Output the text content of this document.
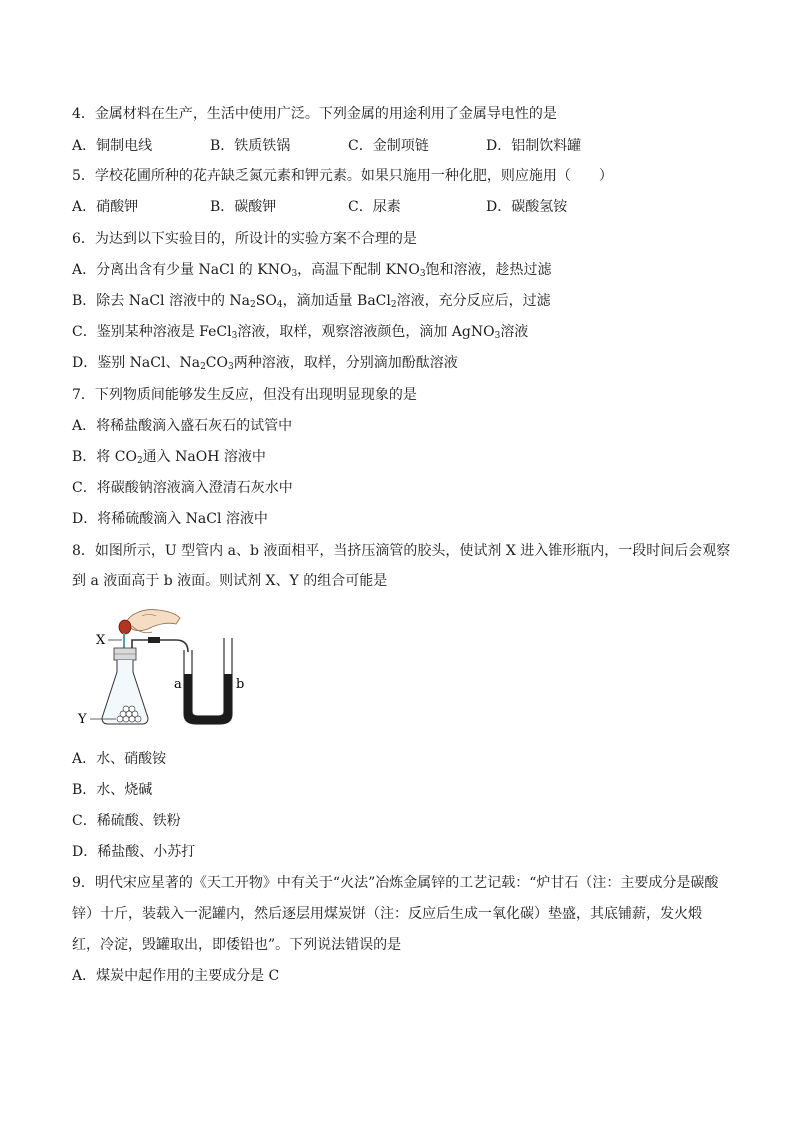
4．金属材料在生产，生活中使用广泛。下列金属的用途利用了金属导电性的是
A．铜制电线	B．铁质铁锅	C．金制项链	D．铝制饮料罐
5．学校花圃所种的花卉缺乏氮元素和钾元素。如果只施用一种化肥，则应施用（　　）
A．硝酸钾	B．碳酸钾	C．尿素	D．碳酸氢铵
6．为达到以下实验目的，所设计的实验方案不合理的是
A．分离出含有少量 NaCl 的 $KNO_3$，高温下配制 $KNO_3$饱和溶液，趁热过滤
B．除去 NaCl 溶液中的 $Na_2SO_4$，滴加适量 BaCl$_2$溶液，充分反应后，过滤
C．鉴别某种溶液是 FeCl$_3$溶液，取样，观察溶液颜色，滴加 AgNO$_3$溶液
D．鉴别 NaCl、$Na_2CO_3$两种溶液，取样，分别滴加酚酞溶液
7．下列物质间能够发生反应，但没有出现明显现象的是
A．将稀盐酸滴入盛石灰石的试管中
B．将 $CO_2$通入 NaOH 溶液中
C．将碳酸钠溶液滴入澄清石灰水中
D．将稀硫酸滴入 NaCl 溶液中
8．如图所示，U 型管内 a、b 液面相平，当挤压滴管的胶头，使试剂 X 进入锥形瓶内，一段时间后会观察
到 a 液面高于 b 液面。则试剂 X、Y 的组合可能是
X
Y
a	b
A．水、硝酸铵
B．水、烧碱
C．稀硫酸、铁粉
D．稀盐酸、小苏打
9．明代宋应星著的《天工开物》中有关于“火法”冶炼金属锌的工艺记载：“炉甘石（注：主要成分是碳酸
锌）十斤，装载入一泥罐内，然后逐层用煤炭饼（注：反应后生成一氧化碳）垫盛，其底铺薪，发火煅
红，冷淀，毁罐取出，即倭铅也”。下列说法错误的是
A．煤炭中起作用的主要成分是 C
